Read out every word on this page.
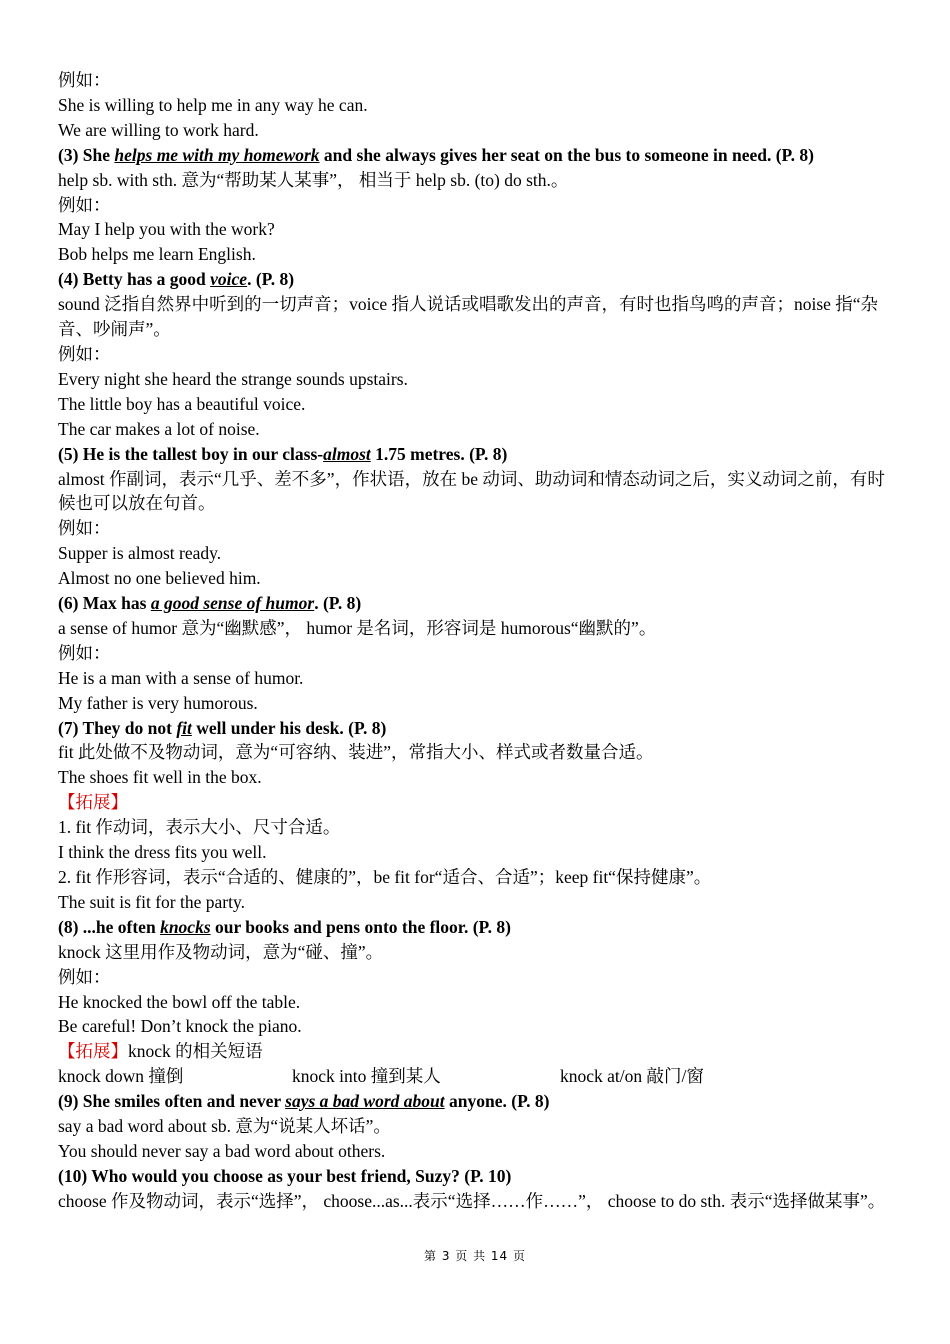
例如：
She is willing to help me in any way he can.
We are willing to work hard.
(3) She helps me with my homework and she always gives her seat on the bus to someone in need. (P. 8)
help sb. with sth. 意为“帮助某人某事”， 相当于 help sb. (to) do sth.。
例如：
May I help you with the work?
Bob helps me learn English.
(4) Betty has a good voice. (P. 8)
sound 泛指自然界中听到的一切声音；voice 指人说话或唱歌发出的声音，有时也指鸟鸣的声音；noise 指“杂音、吵闹声”。
例如：
Every night she heard the strange sounds upstairs.
The little boy has a beautiful voice.
The car makes a lot of noise.
(5) He is the tallest boy in our class-almost 1.75 metres. (P. 8)
almost 作副词，表示“几乎、差不多”，作状语，放在 be 动词、助动词和情态动词之后，实义动词之前，有时候也可以放在句首。
例如：
Supper is almost ready.
Almost no one believed him.
(6) Max has a good sense of humor. (P. 8)
a sense of humor 意为“幽默感”， humor 是名词，形容词是 humorous“幽默的”。
例如：
He is a man with a sense of humor.
My father is very humorous.
(7) They do not fit well under his desk. (P. 8)
fit 此处做不及物动词，意为“可容纳、装进”，常指大小、样式或者数量合适。
The shoes fit well in the box.
【拓展】
1. fit 作动词，表示大小、尺寸合适。
I think the dress fits you well.
2. fit 作形容词，表示“合适的、健康的”，be fit for“适合、合适”；keep fit“保持健康”。
The suit is fit for the party.
(8) ...he often knocks our books and pens onto the floor. (P. 8)
knock 这里用作及物动词，意为“碰、撞”。
例如：
He knocked the bowl off the table.
Be careful! Don’t knock the piano.
【拓展】knock 的相关短语
knock down 撞倒	knock into 撞到某人	knock at/on 敲门/窗
(9) She smiles often and never says a bad word about anyone. (P. 8)
say a bad word about sb. 意为“说某人坏话”。
You should never say a bad word about others.
(10) Who would you choose as your best friend, Suzy? (P. 10)
choose 作及物动词，表示“选择”， choose...as...表示“选择……作……”， choose to do sth. 表示“选择做某事”。
第 3 页 共 14 页
